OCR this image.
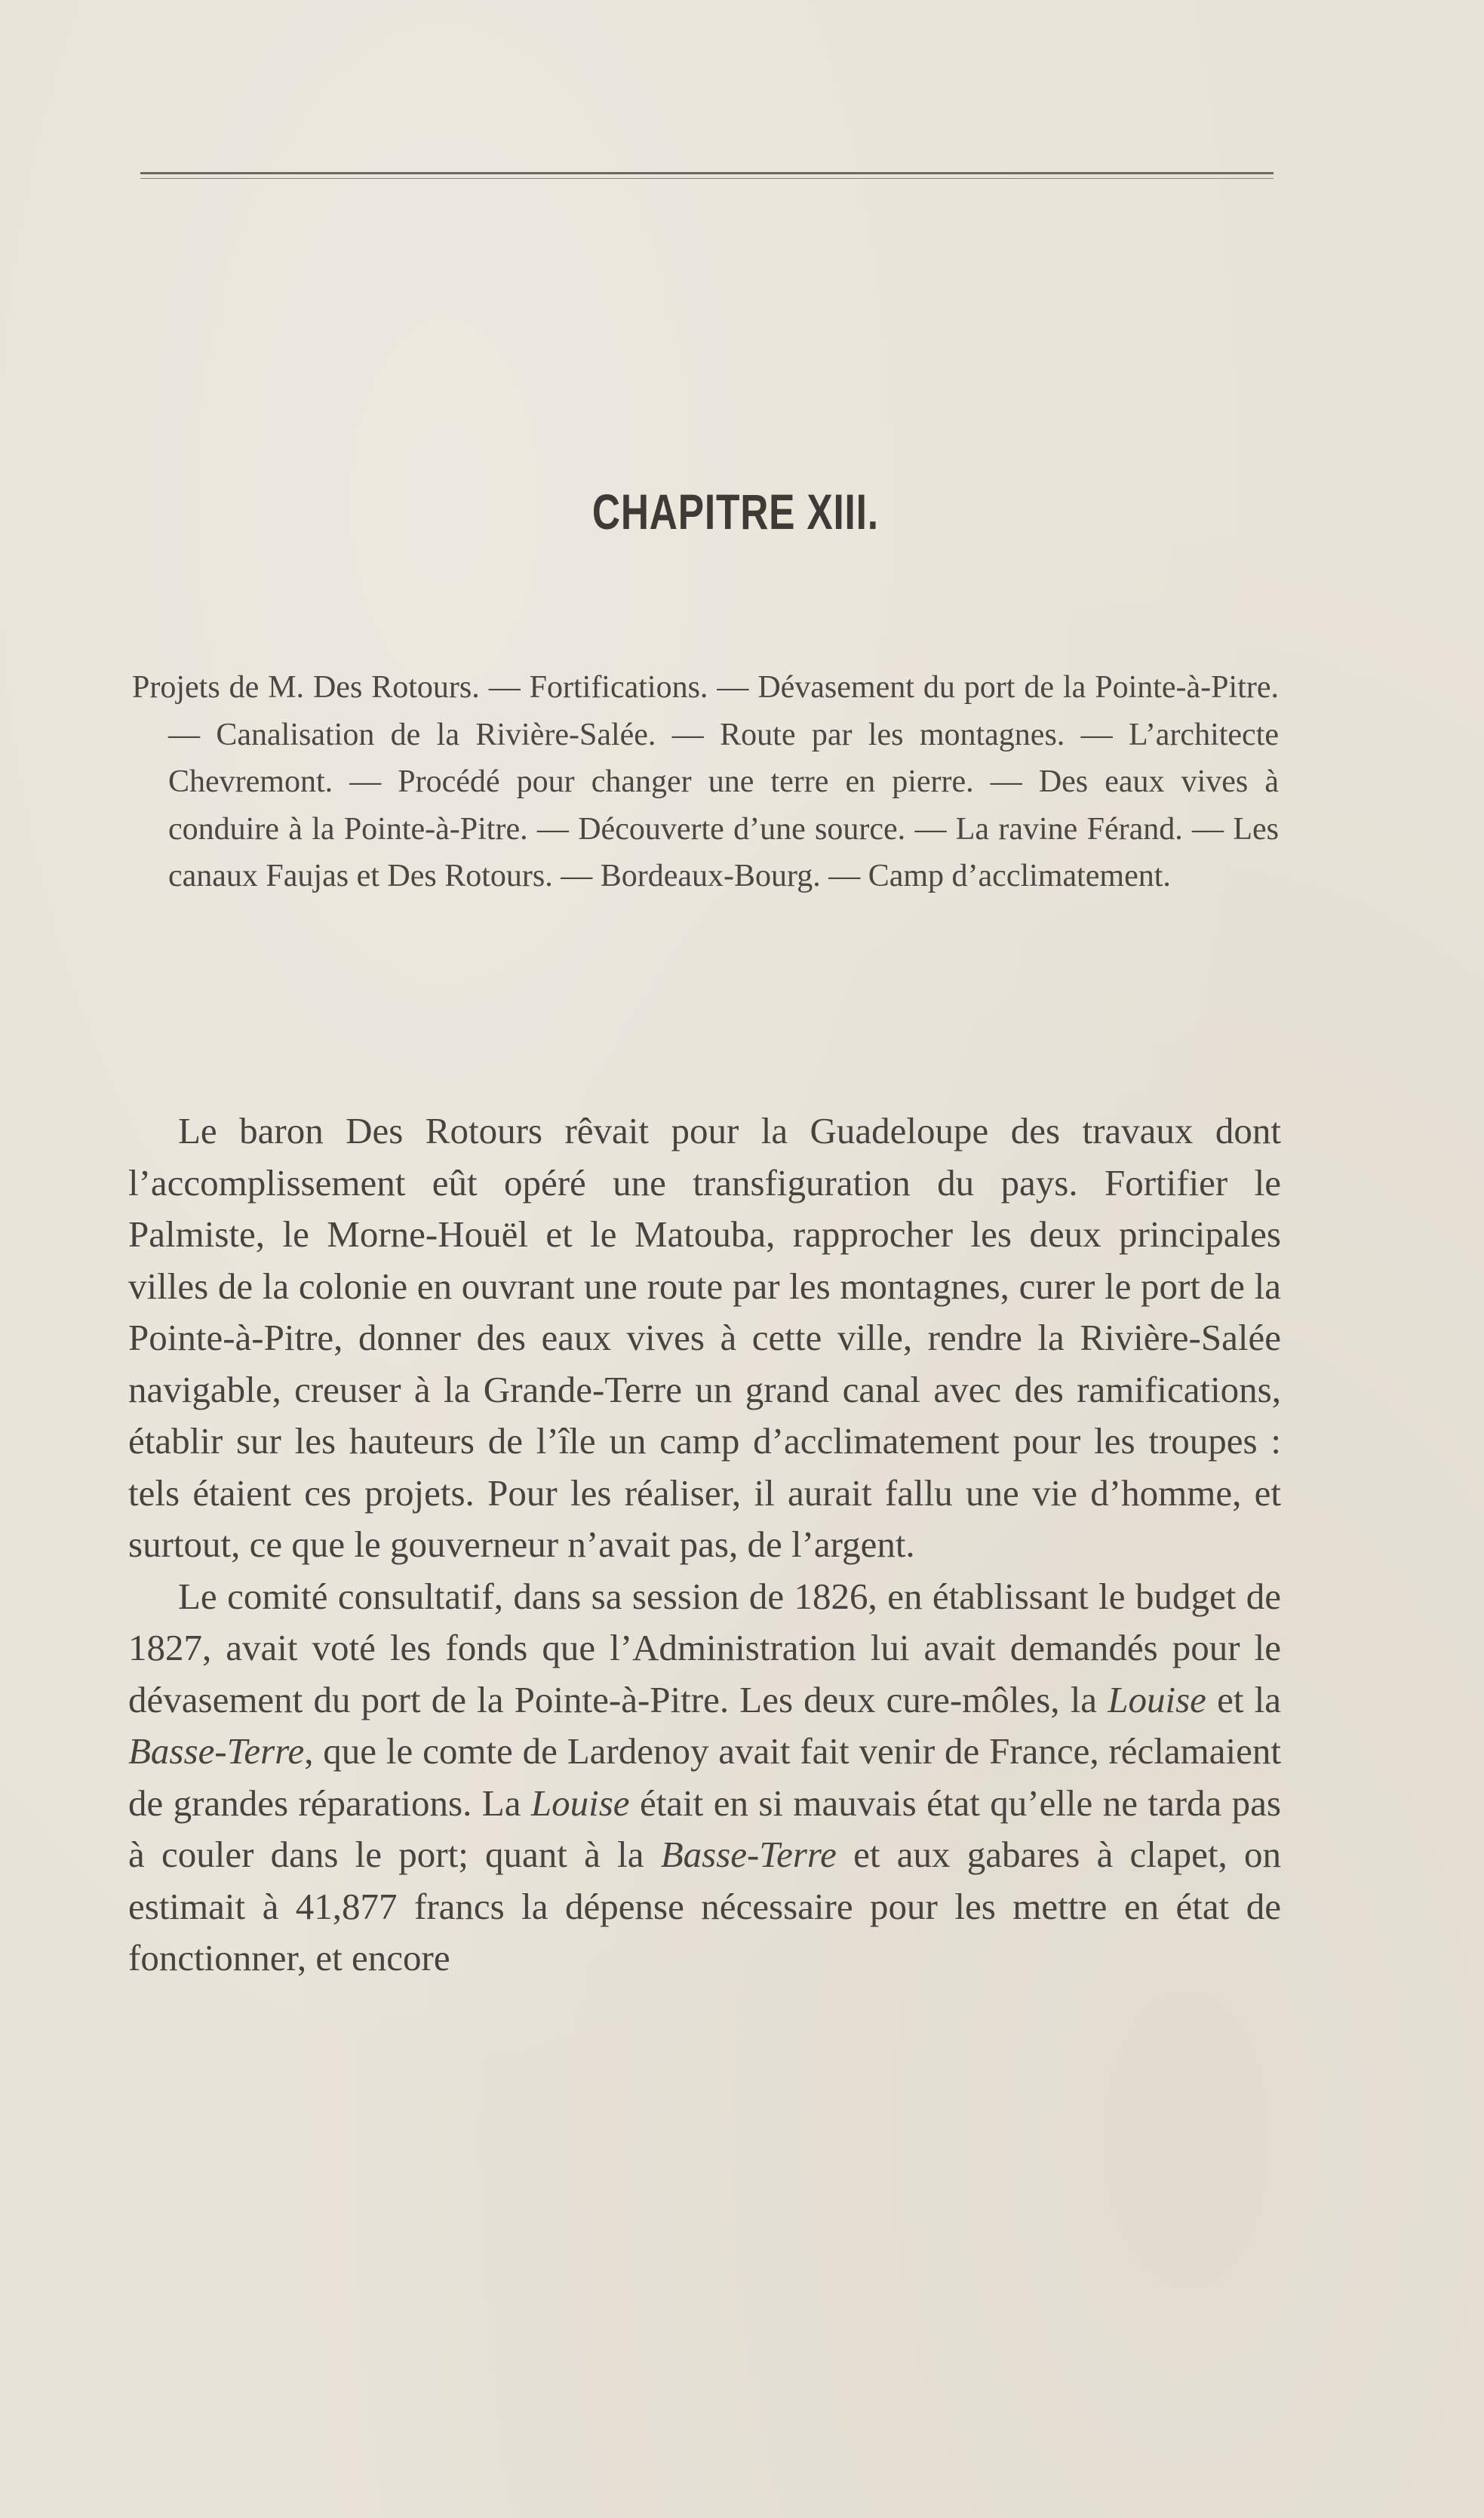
CHAPITRE XIII.
Projets de M. Des Rotours. — Fortifications. — Dévasement du port de la Pointe-à-Pitre. — Canalisation de la Rivière-Salée. — Route par les montagnes. — L’architecte Chevremont. — Procédé pour changer une terre en pierre. — Des eaux vives à conduire à la Pointe-à-Pitre. — Découverte d’une source. — La ravine Férand. — Les canaux Faujas et Des Rotours. — Bordeaux-Bourg. — Camp d’acclimatement.

Le baron Des Rotours rêvait pour la Guadeloupe des travaux dont l’accomplissement eût opéré une transfiguration du pays. Fortifier le Palmiste, le Morne-Houël et le Matouba, rapprocher les deux principales villes de la colonie en ouvrant une route par les montagnes, curer le port de la Pointe-à-Pitre, donner des eaux vives à cette ville, rendre la Rivière-Salée navigable, creuser à la Grande-Terre un grand canal avec des ramifications, établir sur les hauteurs de l’île un camp d’acclimatement pour les troupes : tels étaient ces projets. Pour les réaliser, il aurait fallu une vie d’homme, et surtout, ce que le gouverneur n’avait pas, de l’argent.

Le comité consultatif, dans sa session de 1826, en établissant le budget de 1827, avait voté les fonds que l’Administration lui avait demandés pour le dévasement du port de la Pointe-à-Pitre. Les deux cure-môles, la Louise et la Basse-Terre, que le comte de Lardenoy avait fait venir de France, réclamaient de grandes réparations. La Louise était en si mauvais état qu’elle ne tarda pas à couler dans le port; quant à la Basse-Terre et aux gabares à clapet, on estimait à 41,877 francs la dépense nécessaire pour les mettre en état de fonctionner, et encore
